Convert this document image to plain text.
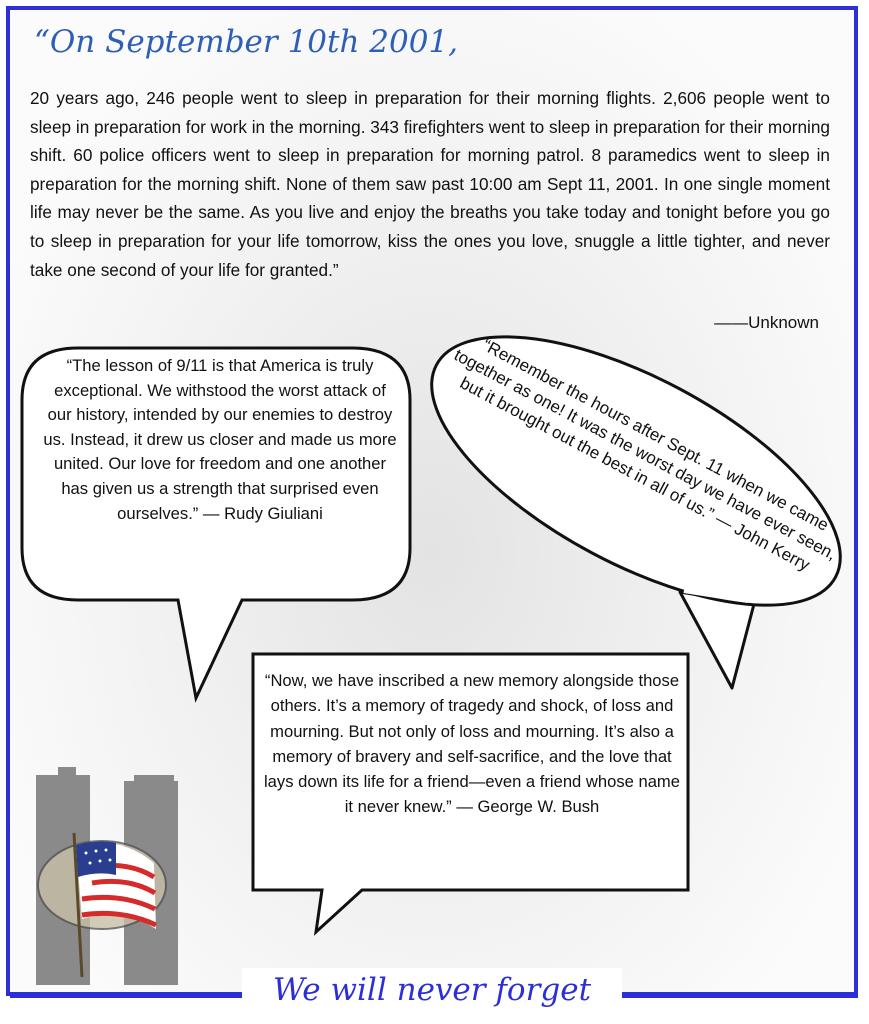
“On September 10th 2001,

20 years ago, 246 people went to sleep in preparation for their morning flights. 2,606 people went to sleep in preparation for work in the morning. 343 firefighters went to sleep in preparation for their morning shift. 60 police officers went to sleep in preparation for morning patrol. 8 paramedics went to sleep in preparation for the morning shift. None of them saw past 10:00 am Sept 11, 2001. In one single moment life may never be the same. As you live and enjoy the breaths you take today and tonight before you go to sleep in preparation for your life tomorrow, kiss the ones you love, snuggle a little tighter, and never take one second of your life for granted.”

——Unknown

“The lesson of 9/11 is that America is truly exceptional. We withstood the worst attack of our history, intended by our enemies to destroy us. Instead, it drew us closer and made us more united. Our love for freedom and one another has given us a strength that surprised even ourselves.” — Rudy Giuliani	“Remember the hours after Sept. 11 when we came together as one! It was the worst day we have ever seen, but it brought out the best in all of us.” — John Kerry

“Now, we have inscribed a new memory alongside those others. It’s a memory of tragedy and shock, of loss and mourning. But not only of loss and mourning. It’s also a memory of bravery and self-sacrifice, and the love that lays down its life for a friend—even a friend whose name it never knew.” — George W. Bush

We will never forget
